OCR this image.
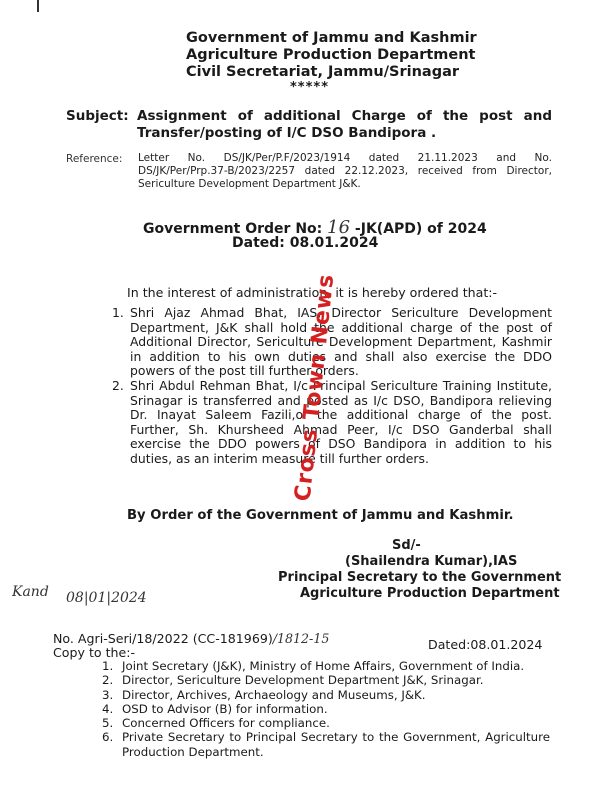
Government of Jammu and Kashmir
Agriculture Production Department
Civil Secretariat, Jammu/Srinagar
*****
Subject: Assignment of additional Charge of the post and Transfer/posting of I/C DSO Bandipora .
Reference: Letter No. DS/JK/Per/P.F/2023/1914 dated 21.11.2023 and No. DS/JK/Per/Prp.37-B/2023/2257 dated 22.12.2023, received from Director, Sericulture Development Department J&K.
Government Order No: 16 -JK(APD) of 2024
Dated: 08.01.2024
In the interest of administration, it is hereby ordered that:-
1. Shri Ajaz Ahmad Bhat, IAS, Director Sericulture Development Department, J&K shall hold the additional charge of the post of Additional Director, Sericulture Development Department, Kashmir in addition to his own duties and shall also exercise the DDO powers of the post till further orders.
2. Shri Abdul Rehman Bhat, I/c Principal Sericulture Training Institute, Srinagar is transferred and posted as I/c DSO, Bandipora relieving Dr. Inayat Saleem Fazili,of the additional charge of the post. Further, Sh. Khursheed Ahmad Peer, I/c DSO Ganderbal shall exercise the DDO powers of DSO Bandipora in addition to his duties, as an interim measure till further orders.
By Order of the Government of Jammu and Kashmir.
Sd/-
(Shailendra Kumar),IAS
Principal Secretary to the Government
Agriculture Production Department
Kand 08|01|2024
No. Agri-Seri/18/2022 (CC-181969)/1812-15	Dated:08.01.2024
Copy to the:-
1. Joint Secretary (J&K), Ministry of Home Affairs, Government of India.
2. Director, Sericulture Development Department J&K, Srinagar.
3. Director, Archives, Archaeology and Museums, J&K.
4. OSD to Advisor (B) for information.
5. Concerned Officers for compliance.
6. Private Secretary to Principal Secretary to the Government, Agriculture Production Department.
Cross Town News
